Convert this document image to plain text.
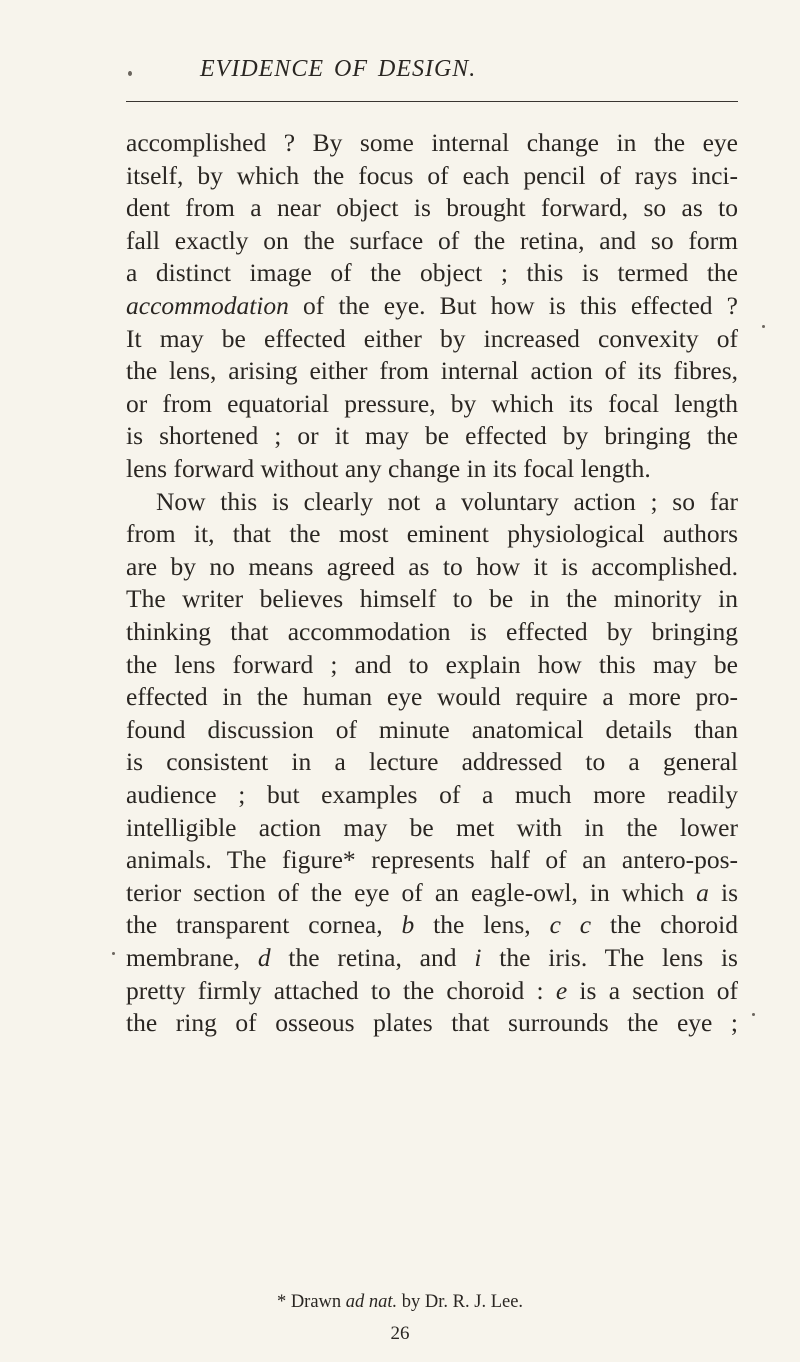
EVIDENCE OF DESIGN.
accomplished ? By some internal change in the eye
itself, by which the focus of each pencil of rays inci-
dent from a near object is brought forward, so as to
fall exactly on the surface of the retina, and so form
a distinct image of the object ; this is termed the
accommodation of the eye. But how is this effected ?
It may be effected either by increased convexity of
the lens, arising either from internal action of its fibres,
or from equatorial pressure, by which its focal length
is shortened ; or it may be effected by bringing the
lens forward without any change in its focal length.
Now this is clearly not a voluntary action ; so far
from it, that the most eminent physiological authors
are by no means agreed as to how it is accomplished.
The writer believes himself to be in the minority in
thinking that accommodation is effected by bringing
the lens forward ; and to explain how this may be
effected in the human eye would require a more pro-
found discussion of minute anatomical details than
is consistent in a lecture addressed to a general
audience ; but examples of a much more readily
intelligible action may be met with in the lower
animals. The figure* represents half of an antero-pos-
terior section of the eye of an eagle-owl, in which a is
the transparent cornea, b the lens, c c the choroid
membrane, d the retina, and i the iris. The lens is
pretty firmly attached to the choroid : e is a section of
the ring of osseous plates that surrounds the eye ;
* Drawn ad nat. by Dr. R. J. Lee.
26
